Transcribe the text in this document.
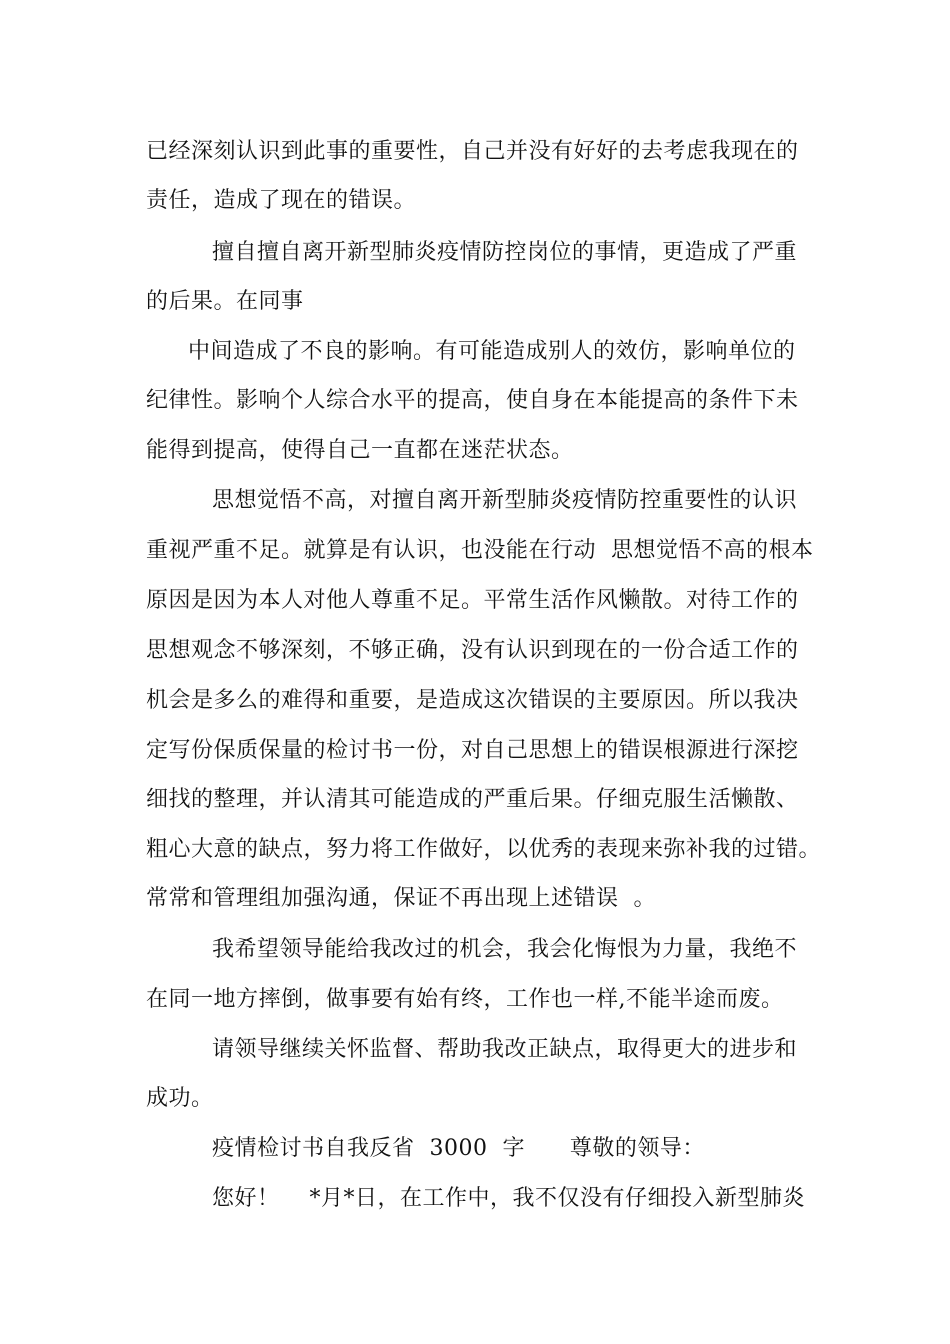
已经深刻认识到此事的重要性，自己并没有好好的去考虑我现在的
责任，造成了现在的错误。
擅自擅自离开新型肺炎疫情防控岗位的事情，更造成了严重
的后果。在同事
中间造成了不良的影响。有可能造成别人的效仿，影响单位的
纪律性。影响个人综合水平的提高，使自身在本能提高的条件下未
能得到提高，使得自己一直都在迷茫状态。
思想觉悟不高，对擅自离开新型肺炎疫情防控重要性的认识
重视严重不足。就算是有认识，也没能在行动  思想觉悟不高的根本
原因是因为本人对他人尊重不足。平常生活作风懒散。对待工作的
思想观念不够深刻，不够正确，没有认识到现在的一份合适工作的
机会是多么的难得和重要，是造成这次错误的主要原因。所以我决
定写份保质保量的检讨书一份，对自己思想上的错误根源进行深挖
细找的整理，并认清其可能造成的严重后果。仔细克服生活懒散、
粗心大意的缺点，努力将工作做好，以优秀的表现来弥补我的过错。
常常和管理组加强沟通，保证不再出现上述错误  。
我希望领导能给我改过的机会，我会化悔恨为力量，我绝不
在同一地方摔倒，做事要有始有终，工作也一样,不能半途而废。
请领导继续关怀监督、帮助我改正缺点，取得更大的进步和
成功。
疫情检讨书自我反省  3000  字      尊敬的领导：
您好！    *月*日，在工作中，我不仅没有仔细投入新型肺炎
